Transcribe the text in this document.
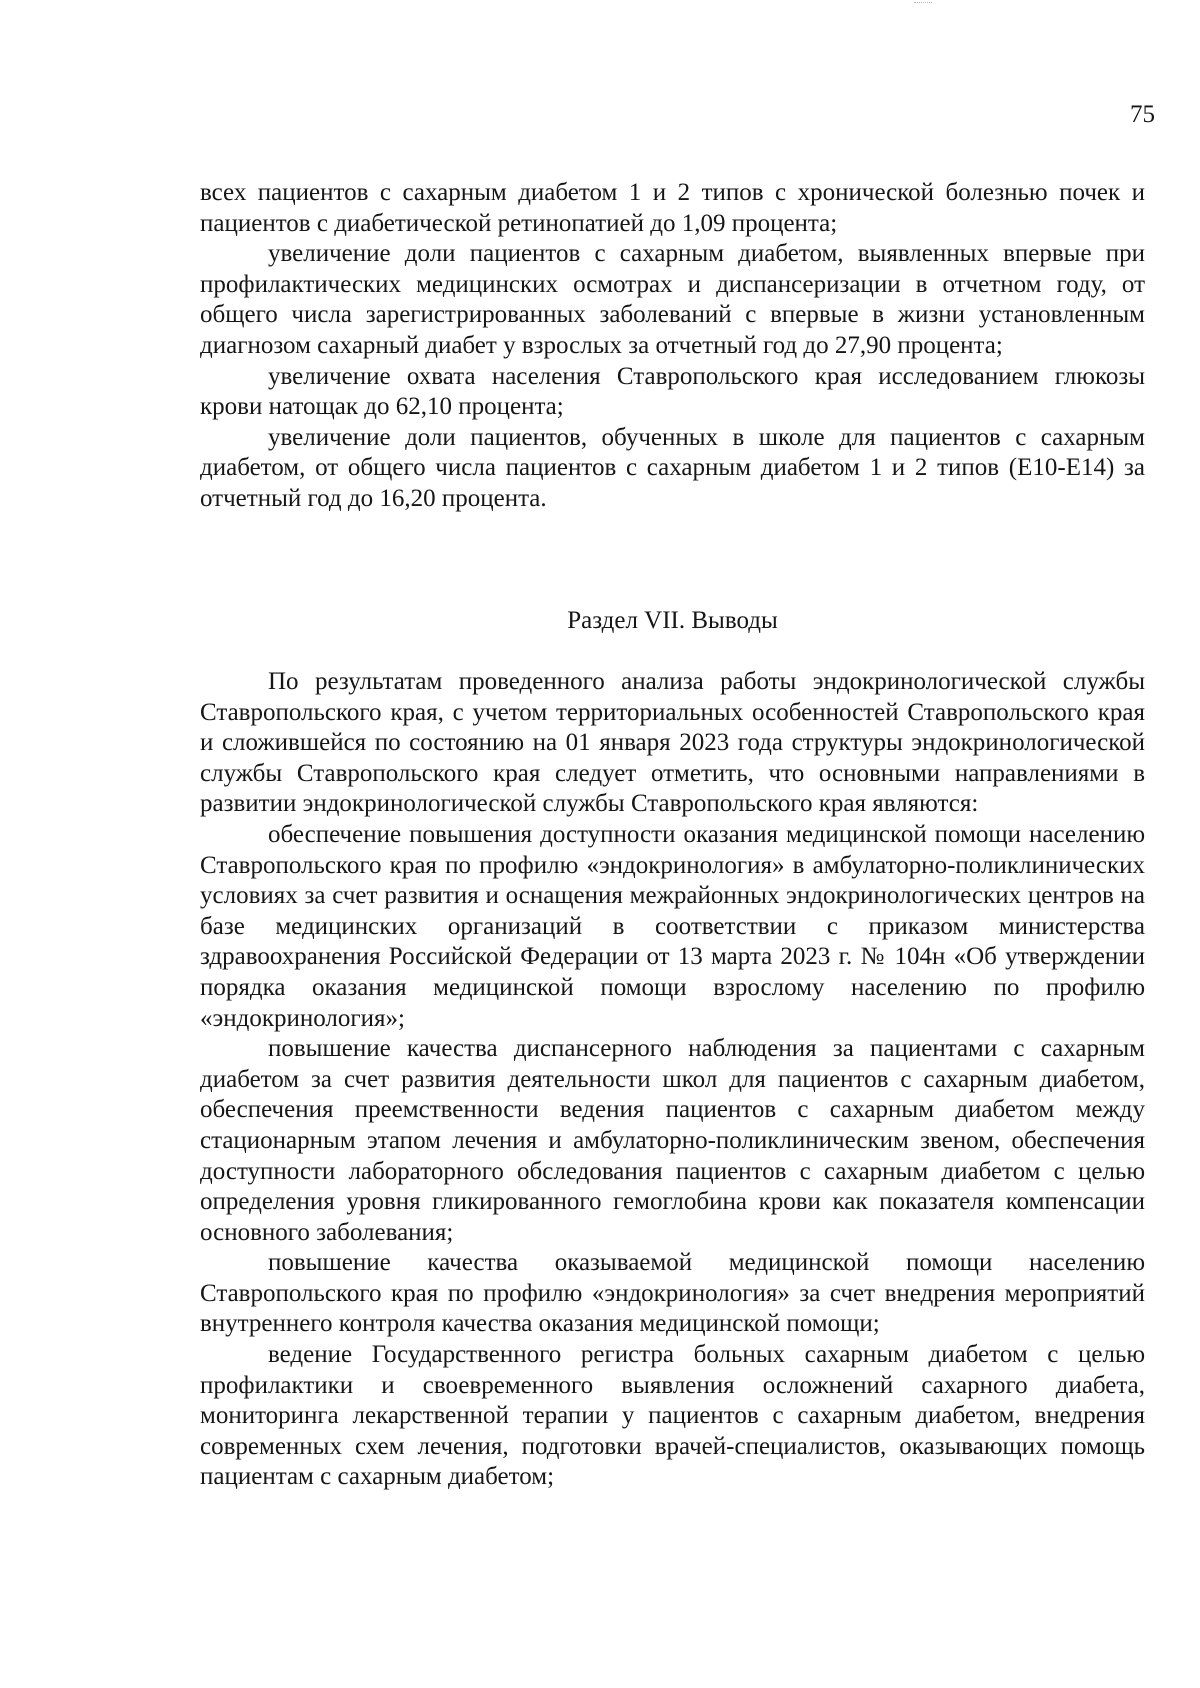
75

всех пациентов с сахарным диабетом 1 и 2 типов с хронической болезнью почек и пациентов с диабетической ретинопатией до 1,09 процента;

увеличение доли пациентов с сахарным диабетом, выявленных впервые при профилактических медицинских осмотрах и диспансеризации в отчетном году, от общего числа зарегистрированных заболеваний с впервые в жизни установленным диагнозом сахарный диабет у взрослых за отчетный год до 27,90 процента;

увеличение охвата населения Ставропольского края исследованием глюкозы крови натощак до 62,10 процента;

увеличение доли пациентов, обученных в школе для пациентов с сахарным диабетом, от общего числа пациентов с сахарным диабетом 1 и 2 типов (Е10-Е14) за отчетный год до 16,20 процента.

Раздел VII. Выводы

По результатам проведенного анализа работы эндокринологической службы Ставропольского края, с учетом территориальных особенностей Ставропольского края и сложившейся по состоянию на 01 января 2023 года структуры эндокринологической службы Ставропольского края следует отметить, что основными направлениями в развитии эндокринологической службы Ставропольского края являются:

обеспечение повышения доступности оказания медицинской помощи населению Ставропольского края по профилю «эндокринология» в амбулаторно-поликлинических условиях за счет развития и оснащения межрайонных эндокринологических центров на базе медицинских организаций в соответствии с приказом министерства здравоохранения Российской Федерации от 13 марта 2023 г. № 104н «Об утверждении порядка оказания медицинской помощи взрослому населению по профилю «эндокринология»;

повышение качества диспансерного наблюдения за пациентами с сахарным диабетом за счет развития деятельности школ для пациентов с сахарным диабетом, обеспечения преемственности ведения пациентов с сахарным диабетом между стационарным этапом лечения и амбулаторно-поликлиническим звеном, обеспечения доступности лабораторного обследования пациентов с сахарным диабетом с целью определения уровня гликированного гемоглобина крови как показателя компенсации основного заболевания;

повышение качества оказываемой медицинской помощи населению Ставропольского края по профилю «эндокринология» за счет внедрения мероприятий внутреннего контроля качества оказания медицинской помощи;

ведение Государственного регистра больных сахарным диабетом с целью профилактики и своевременного выявления осложнений сахарного диабета, мониторинга лекарственной терапии у пациентов с сахарным диабетом, внедрения современных схем лечения, подготовки врачей-специалистов, оказывающих помощь пациентам с сахарным диабетом;
